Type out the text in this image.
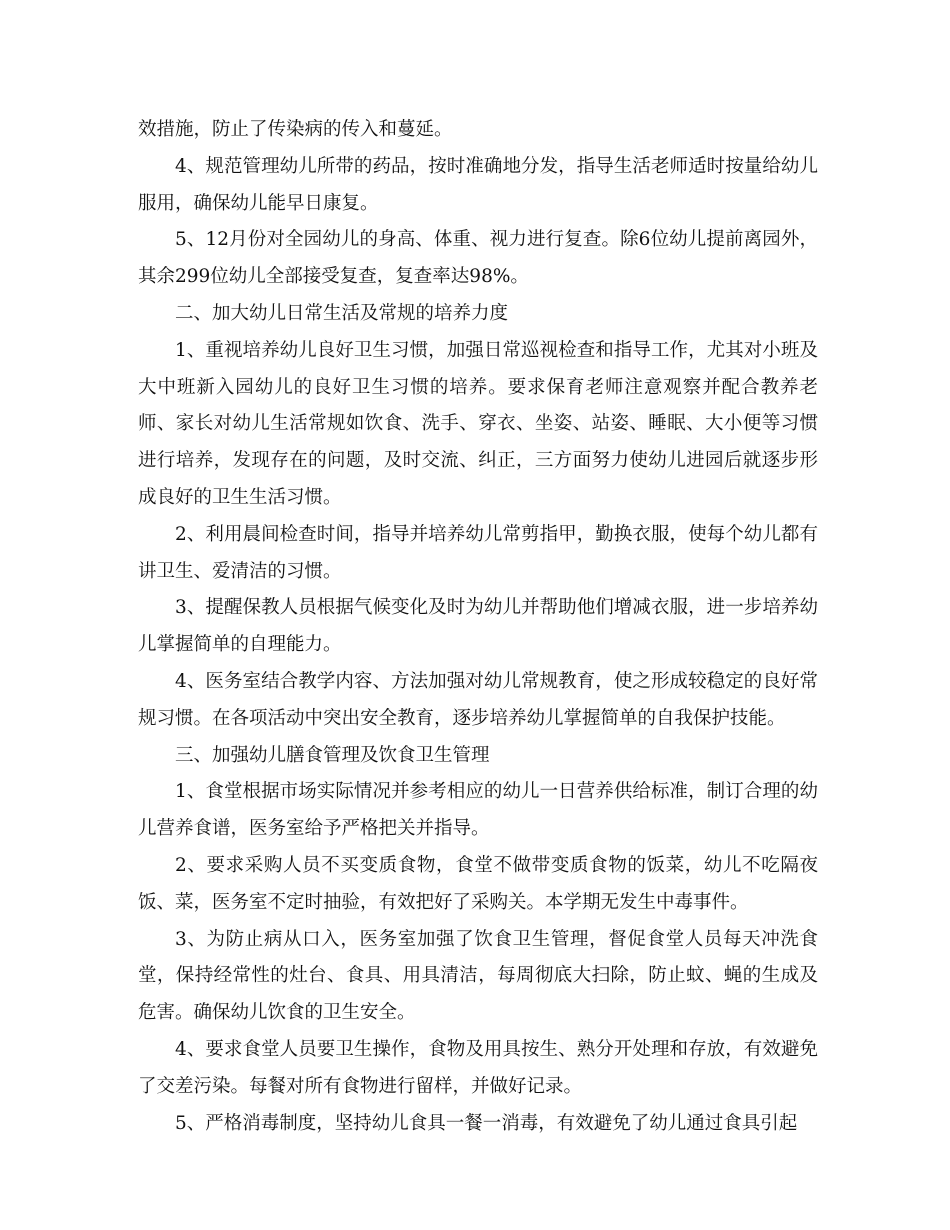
效措施，防止了传染病的传入和蔓延。

4、规范管理幼儿所带的药品，按时准确地分发，指导生活老师适时按量给幼儿服用，确保幼儿能早日康复。

5、12月份对全园幼儿的身高、体重、视力进行复查。除6位幼儿提前离园外，其余299位幼儿全部接受复查，复查率达98%。

二、加大幼儿日常生活及常规的培养力度

1、重视培养幼儿良好卫生习惯，加强日常巡视检查和指导工作，尤其对小班及大中班新入园幼儿的良好卫生习惯的培养。要求保育老师注意观察并配合教养老师、家长对幼儿生活常规如饮食、洗手、穿衣、坐姿、站姿、睡眠、大小便等习惯进行培养，发现存在的问题，及时交流、纠正，三方面努力使幼儿进园后就逐步形成良好的卫生生活习惯。

2、利用晨间检查时间，指导并培养幼儿常剪指甲，勤换衣服，使每个幼儿都有讲卫生、爱清洁的习惯。

3、提醒保教人员根据气候变化及时为幼儿并帮助他们增减衣服，进一步培养幼儿掌握简单的自理能力。

4、医务室结合教学内容、方法加强对幼儿常规教育，使之形成较稳定的良好常规习惯。在各项活动中突出安全教育，逐步培养幼儿掌握简单的自我保护技能。

三、加强幼儿膳食管理及饮食卫生管理

1、食堂根据市场实际情况并参考相应的幼儿一日营养供给标准，制订合理的幼儿营养食谱，医务室给予严格把关并指导。

2、要求采购人员不买变质食物，食堂不做带变质食物的饭菜，幼儿不吃隔夜饭、菜，医务室不定时抽验，有效把好了采购关。本学期无发生中毒事件。

3、为防止病从口入，医务室加强了饮食卫生管理，督促食堂人员每天冲洗食堂，保持经常性的灶台、食具、用具清洁，每周彻底大扫除，防止蚊、蝇的生成及危害。确保幼儿饮食的卫生安全。

4、要求食堂人员要卫生操作，食物及用具按生、熟分开处理和存放，有效避免了交差污染。每餐对所有食物进行留样，并做好记录。

5、严格消毒制度，坚持幼儿食具一餐一消毒，有效避免了幼儿通过食具引起
